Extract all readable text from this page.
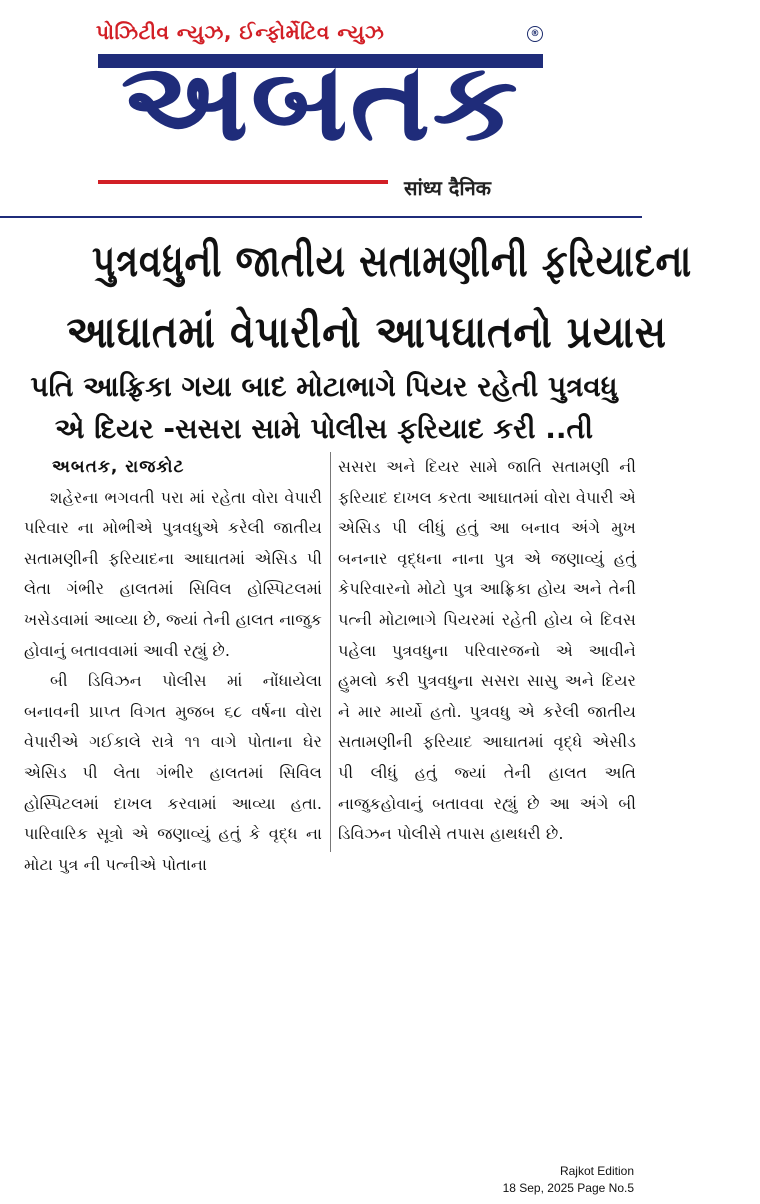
પોઝિટીવ ન્યુઝ, ઈન્ફોર્મેટિવ ન્યુઝ	®
અબતક
सांध्य दैनिक
પુત્રવધુની જાતીય સતામણીની ફરિયાદના
આઘાતમાં વેપારીનો આપઘાતનો પ્રયાસ
પતિ આફ્રિકા ગયા બાદ મોટાભાગે પિયર રહેતી પુત્રવધુ
એ દિયર -સસરા સામે પોલીસ ફરિયાદ કરી ..તી
અબતક, રાજકોટ
શહેરના ભગવતી પરા માં રહેતા વોરા વેપારી પરિવાર ના મોભીએ પુત્રવધુએ કરેલી જાતીય સતામણીની ફરિયાદના આઘાતમાં એસિડ પી લેતા ગંભીર હાલતમાં સિવિલ હોસ્પિટલમાં ખસેડવામાં આવ્યા છે, જ્યાં તેની હાલત નાજુક હોવાનું બતાવવામાં આવી રહ્યું છે.
બી ડિવિઝન પોલીસ માં નોંધાયેલા બનાવની પ્રાપ્ત વિગત મુજબ ૬૮ વર્ષના વોરા વેપારીએ ગઈકાલે રાત્રે ૧૧ વાગે પોતાના ઘેર એસિડ પી લેતા ગંભીર હાલતમાં સિવિલ હોસ્પિટલમાં દાખલ કરવામાં આવ્યા હતા. પારિવારિક સૂત્રો એ જણાવ્યું હતું કે વૃદ્ધ ના મોટા પુત્ર ની પત્નીએ પોતાના
સસરા અને દિયર સામે જાતિ સતામણી ની ફરિયાદ દાખલ કરતા આઘાતમાં વોરા વેપારી એ એસિડ પી લીધું હતું આ બનાવ અંગે મુખ બનનાર વૃદ્ધના નાના પુત્ર એ જણાવ્યું હતું કેપરિવારનો મોટો પુત્ર આફ્રિકા હોય અને તેની પત્ની મોટાભાગે પિયરમાં રહેતી હોય બે દિવસ પહેલા પુત્રવધુના પરિવારજનો એ આવીને હુમલો કરી પુત્રવધુના સસરા સાસુ અને દિયર ને માર માર્યો હતો. પુત્રવધુ એ કરેલી જાતીય સતામણીની ફરિયાદ આઘાતમાં વૃદ્ધે એસીડ પી લીધું હતું જ્યાં તેની હાલત અતિ નાજુકહોવાનું બતાવવા રહ્યું છે આ અંગે બી ડિવિઝન પોલીસે તપાસ હાથધરી છે.
Rajkot Edition
18 Sep, 2025 Page No.5
